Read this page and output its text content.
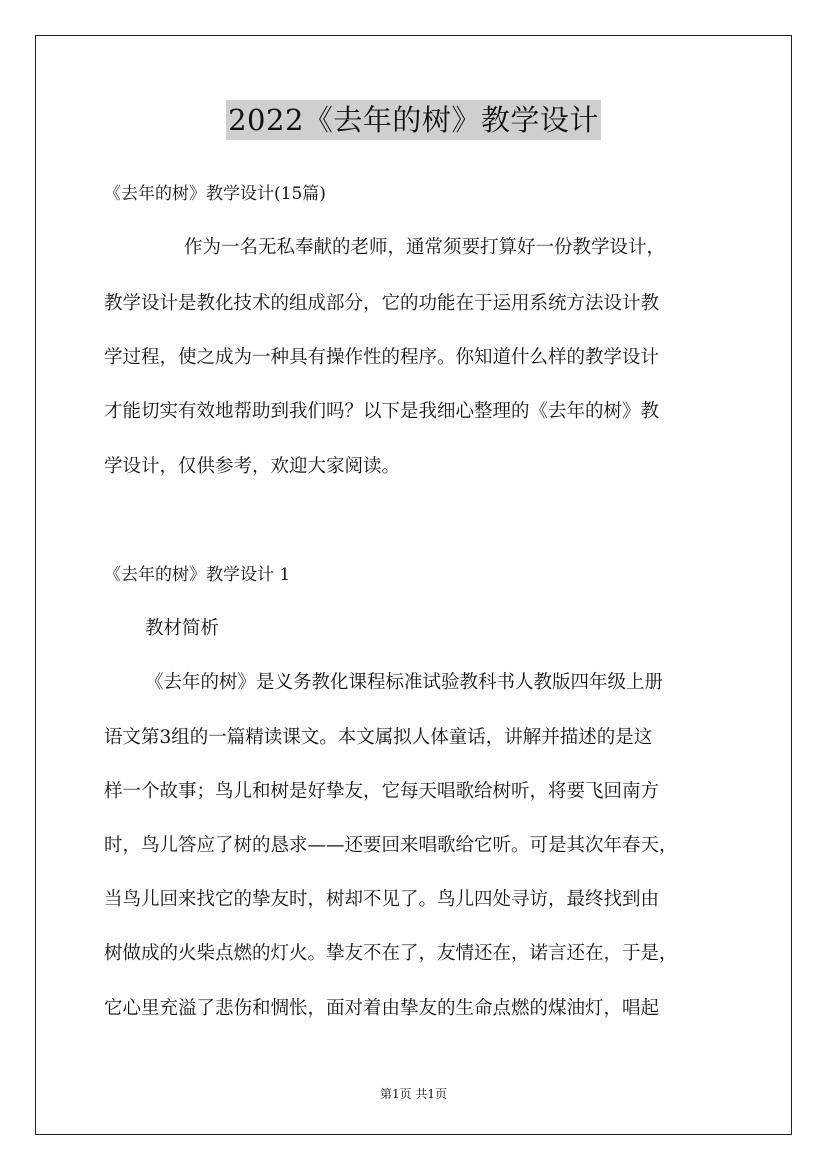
2022《去年的树》教学设计
《去年的树》教学设计(15篇)
作为一名无私奉献的老师，通常须要打算好一份教学设计，
教学设计是教化技术的组成部分，它的功能在于运用系统方法设计教
学过程，使之成为一种具有操作性的程序。你知道什么样的教学设计
才能切实有效地帮助到我们吗？以下是我细心整理的《去年的树》教
学设计，仅供参考，欢迎大家阅读。
《去年的树》教学设计 1
教材简析
《去年的树》是义务教化课程标准试验教科书人教版四年级上册
语文第3组的一篇精读课文。本文属拟人体童话，讲解并描述的是这
样一个故事；鸟儿和树是好挚友，它每天唱歌给树听，将要飞回南方
时，鸟儿答应了树的恳求——还要回来唱歌给它听。可是其次年春天，
当鸟儿回来找它的挚友时，树却不见了。鸟儿四处寻访，最终找到由
树做成的火柴点燃的灯火。挚友不在了，友情还在，诺言还在，于是，
它心里充溢了悲伤和惆怅，面对着由挚友的生命点燃的煤油灯，唱起
第1页 共1页
